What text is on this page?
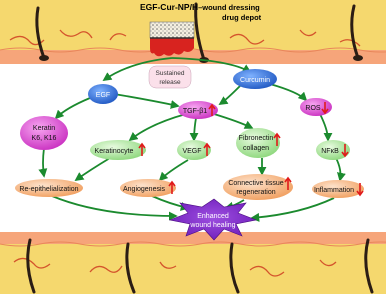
EGF-Cur-NP/H–wound dressing
drug depot
Sustained
release
EGF
Curcumin
Keratin
K6, K16
TGF-β1	ROS
Keratinocyte	VEGF
Fibronectin
collagen	NFκB
Re-epithelialization	Angiogenesis
Connective tissue
regeneration	Inflammation
Enhanced
wound healing
